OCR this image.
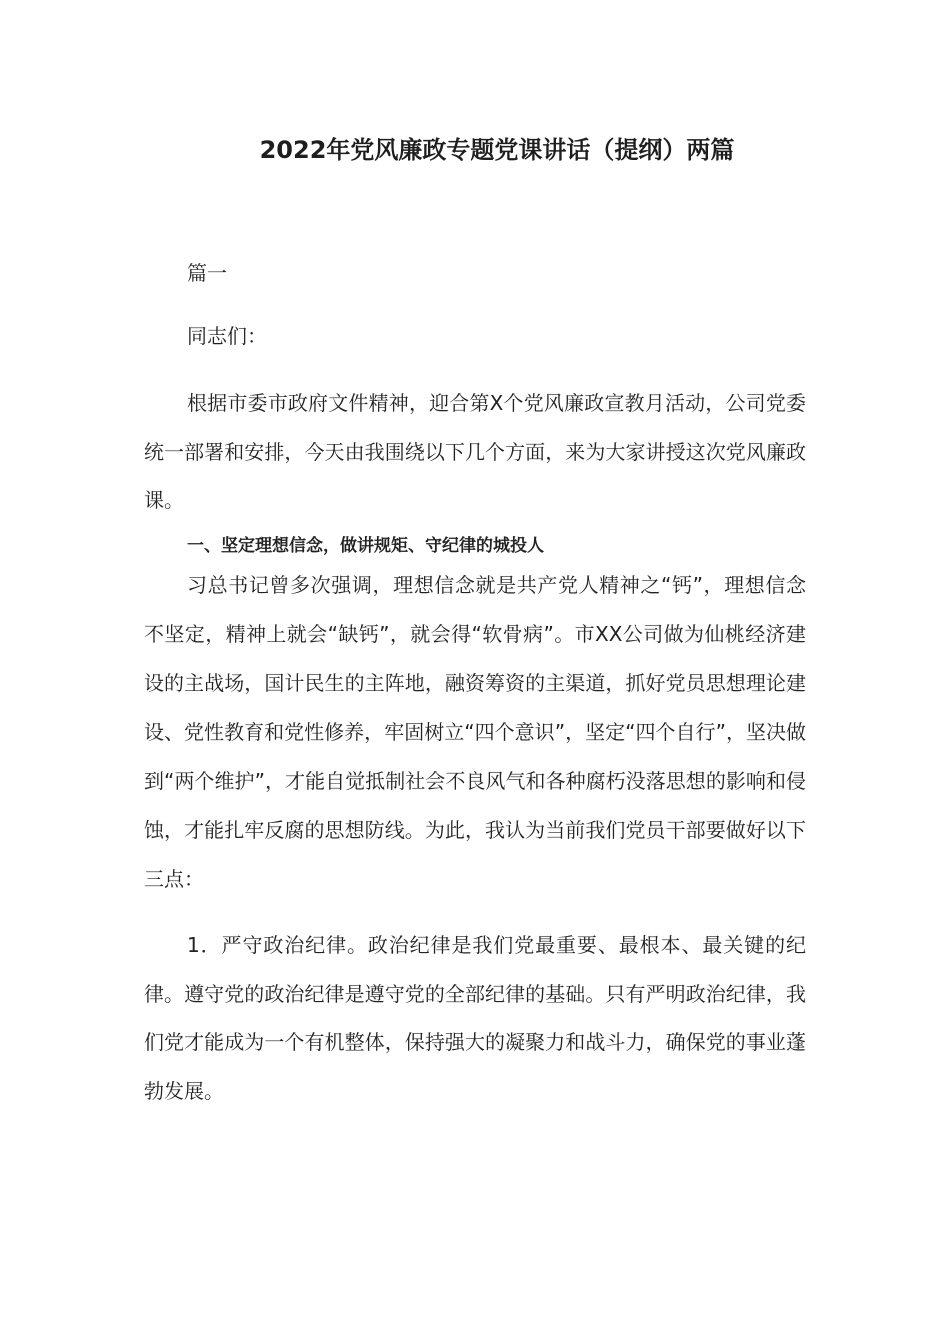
2022年党风廉政专题党课讲话（提纲）两篇

篇一

同志们：

根据市委市政府文件精神，迎合第X个党风廉政宣教月活动，公司党委统一部署和安排，今天由我围绕以下几个方面，来为大家讲授这次党风廉政课。

一、坚定理想信念，做讲规矩、守纪律的城投人

习总书记曾多次强调，理想信念就是共产党人精神之“钙”，理想信念不坚定，精神上就会“缺钙”，就会得“软骨病”。市XX公司做为仙桃经济建设的主战场，国计民生的主阵地，融资筹资的主渠道，抓好党员思想理论建设、党性教育和党性修养，牢固树立“四个意识”，坚定“四个自行”，坚决做到“两个维护”，才能自觉抵制社会不良风气和各种腐朽没落思想的影响和侵蚀，才能扎牢反腐的思想防线。为此，我认为当前我们党员干部要做好以下三点：

1．严守政治纪律。政治纪律是我们党最重要、最根本、最关键的纪律。遵守党的政治纪律是遵守党的全部纪律的基础。只有严明政治纪律，我们党才能成为一个有机整体，保持强大的凝聚力和战斗力，确保党的事业蓬勃发展。
